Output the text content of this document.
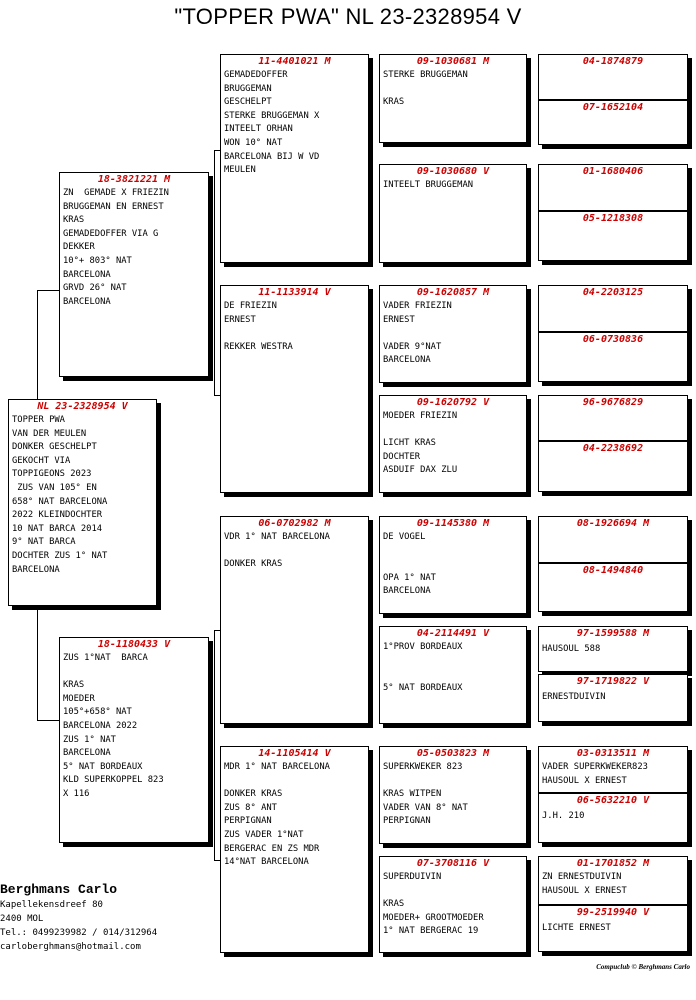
"TOPPER PWA" NL 23-2328954 V
NL 23-2328954 V
TOPPER PWA
VAN DER MEULEN
DONKER GESCHELPT
GEKOCHT VIA
TOPPIGEONS 2023
ZUS VAN 105° EN
658° NAT BARCELONA
2022 KLEINDOCHTER
10 NAT BARCA 2014
9° NAT BARCA
DOCHTER ZUS 1° NAT
BARCELONA
18-3821221 M
ZN  GEMADE X FRIEZIN
BRUGGEMAN EN ERNEST
KRAS
GEMADEDOFFER VIA G
DEKKER
10°+ 803° NAT
BARCELONA
GRVD 26° NAT
BARCELONA
18-1180433 V
ZUS 1°NAT  BARCA

KRAS
MOEDER
105°+658° NAT
BARCELONA 2022
ZUS 1° NAT
BARCELONA
5° NAT BORDEAUX
KLD SUPERKOPPEL 823
X 116
11-4401021 M
GEMADEDOFFER
BRUGGEMAN
GESCHELPT
STERKE BRUGGEMAN X
INTEELT ORHAN
WON 10° NAT
BARCELONA BIJ W VD
MEULEN
11-1133914 V
DE FRIEZIN
ERNEST

REKKER WESTRA
06-0702982 M
VDR 1° NAT BARCELONA

DONKER KRAS
14-1105414 V
MDR 1° NAT BARCELONA

DONKER KRAS
ZUS 8° ANT
PERPIGNAN
ZUS VADER 1°NAT
BERGERAC EN ZS MDR
14°NAT BARCELONA
09-1030681 M
STERKE BRUGGEMAN

KRAS
09-1030680 V
INTEELT BRUGGEMAN
09-1620857 M
VADER FRIEZIN
ERNEST

VADER 9°NAT
BARCELONA
09-1620792 V
MOEDER FRIEZIN

LICHT KRAS
DOCHTER
ASDUIF DAX ZLU
09-1145380 M
DE VOGEL

OPA 1° NAT
BARCELONA
04-2114491 V
1°PROV BORDEAUX

5° NAT BORDEAUX
05-0503823 M
SUPERKWEKER 823

KRAS WITPEN
VADER VAN 8° NAT
PERPIGNAN
07-3708116 V
SUPERDUIVIN

KRAS
MOEDER+ GROOTMOEDER
1° NAT BERGERAC 19
04-1874879
07-1652104
01-1680406
05-1218308
04-2203125
06-0730836
96-9676829
04-2238692
08-1926694 M
08-1494840
97-1599588 M
HAUSOUL 588
97-1719822 V
ERNESTDUIVIN
03-0313511 M
VADER SUPERKWEKER823
HAUSOUL X ERNEST
06-5632210 V
J.H. 210
01-1701852 M
ZN ERNESTDUIVIN
HAUSOUL X ERNEST
99-2519940 V
LICHTE ERNEST
Berghmans Carlo
Kapellekensdreef 80
2400 MOL
Tel.: 0499239982 / 014/312964
carloberghmans@hotmail.com
Compuclub © Berghmans Carlo
